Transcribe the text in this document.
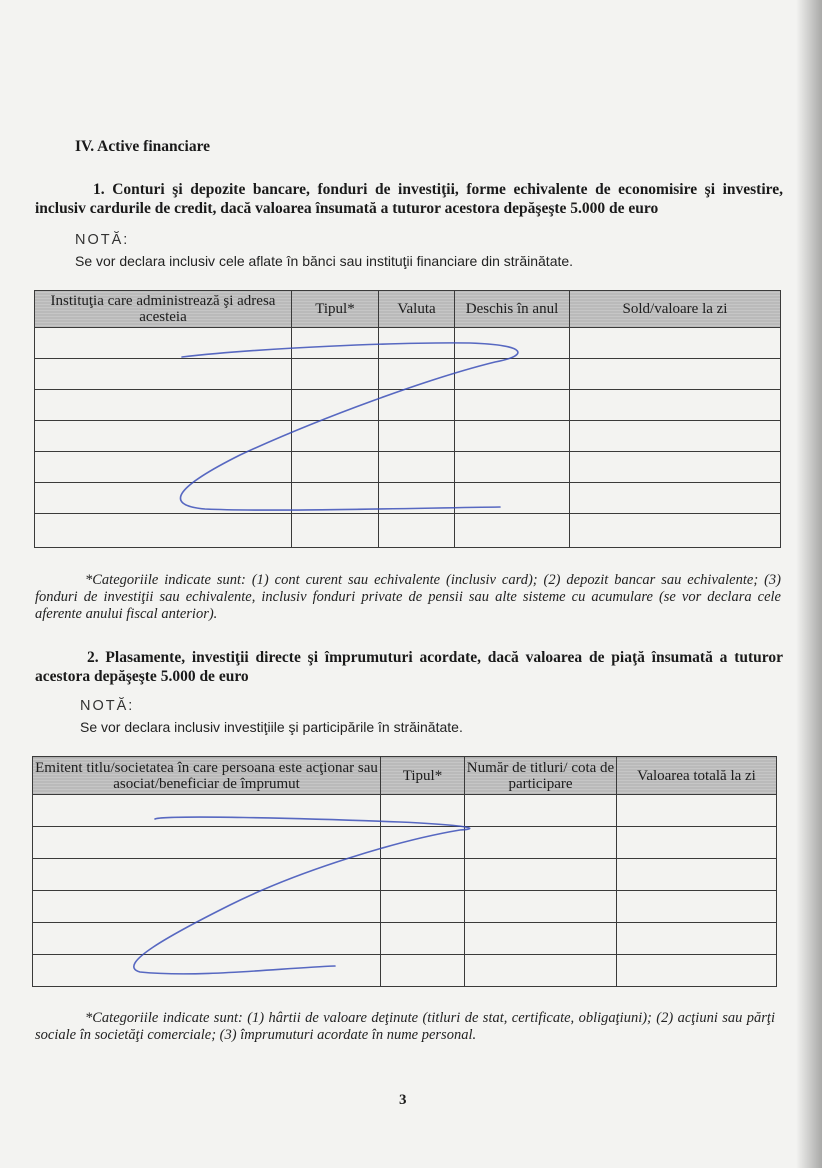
IV. Active financiare
1. Conturi şi depozite bancare, fonduri de investiţii, forme echivalente de economisire şi investire, inclusiv cardurile de credit, dacă valoarea însumată a tuturor acestora depăşeşte 5.000 de euro
NOTĂ:
Se vor declara inclusiv cele aflate în bănci sau instituţii financiare din străinătate.
Instituţia care administrează şi adresa acesteia	Tipul*	Valuta	Deschis în anul	Sold/valoare la zi

*Categoriile indicate sunt: (1) cont curent sau echivalente (inclusiv card); (2) depozit bancar sau echivalente; (3) fonduri de investiţii sau echivalente, inclusiv fonduri private de pensii sau alte sisteme cu acumulare (se vor declara cele aferente anului fiscal anterior).
2. Plasamente, investiţii directe şi împrumuturi acordate, dacă valoarea de piaţă însumată a tuturor acestora depăşeşte 5.000 de euro
NOTĂ:
Se vor declara inclusiv investiţiile şi participările în străinătate.
Emitent titlu/societatea în care persoana este acţionar sau asociat/beneficiar de împrumut	Tipul*	Număr de titluri/ cota de participare	Valoarea totală la zi

*Categoriile indicate sunt: (1) hârtii de valoare deţinute (titluri de stat, certificate, obligaţiuni); (2) acţiuni sau părţi sociale în societăţi comerciale; (3) împrumuturi acordate în nume personal.
3
